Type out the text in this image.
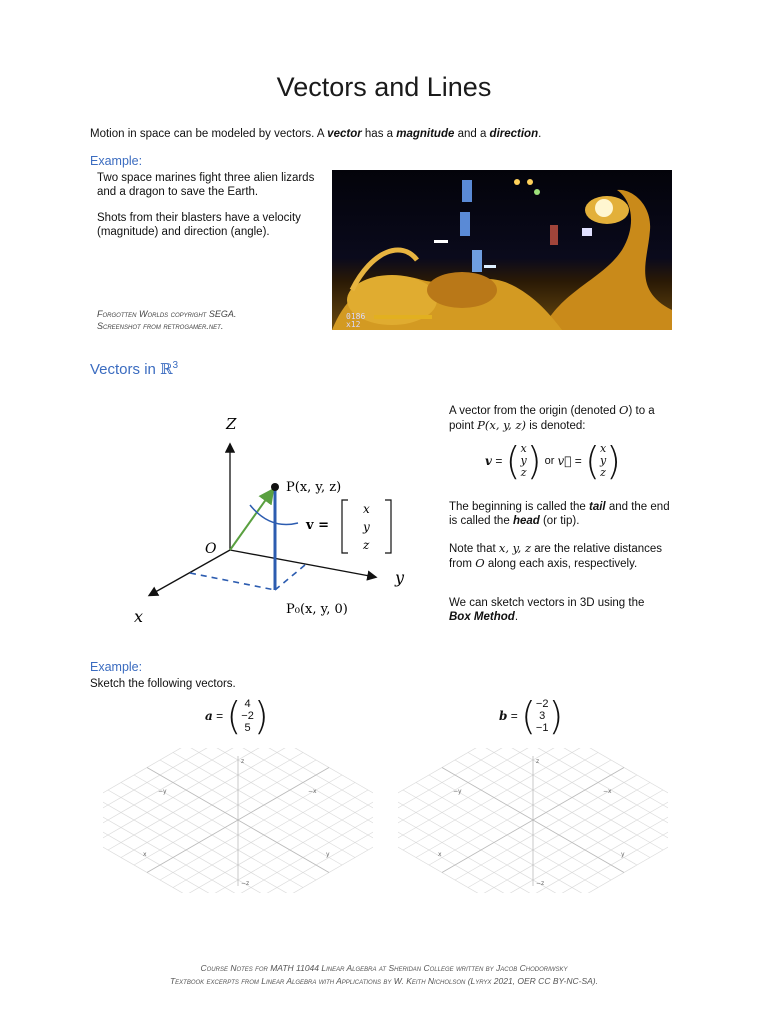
Vectors and Lines
Motion in space can be modeled by vectors. A vector has a magnitude and a direction.
Example:
Two space marines fight three alien lizards and a dragon to save the Earth.
Shots from their blasters have a velocity (magnitude) and direction (angle).
Forgotten Worlds copyright SEGA.
Screenshot from retrogamer.net.
0186
x12
Vectors in ℝ$^3$
Z
x
y
O
P(x, y, z)
P₀(x, y, 0)
v =
x
y
z
A vector from the origin (denoted O) to a point P(x, y, z) is denoted:
v = ( x
y
z ) or v⃗ = ( x
y
z )
The beginning is called the tail and the end is called the head (or tip).
Note that x, y, z are the relative distances from O along each axis, respectively.
We can sketch vectors in 3D using the
Box Method.
Example:
Sketch the following vectors.
a = ( 4
−2
5 )	b = ( −2
3
−1 )
z
−z
−y	−x
x	y
z
−z
−y	−x
x	y
Course Notes for MATH 11044 Linear Algebra at Sheridan College written by Jacob Chodoriwsky
Textbook excerpts from Linear Algebra with Applications by W. Keith Nicholson (Lyryx 2021, OER CC BY-NC-SA).
